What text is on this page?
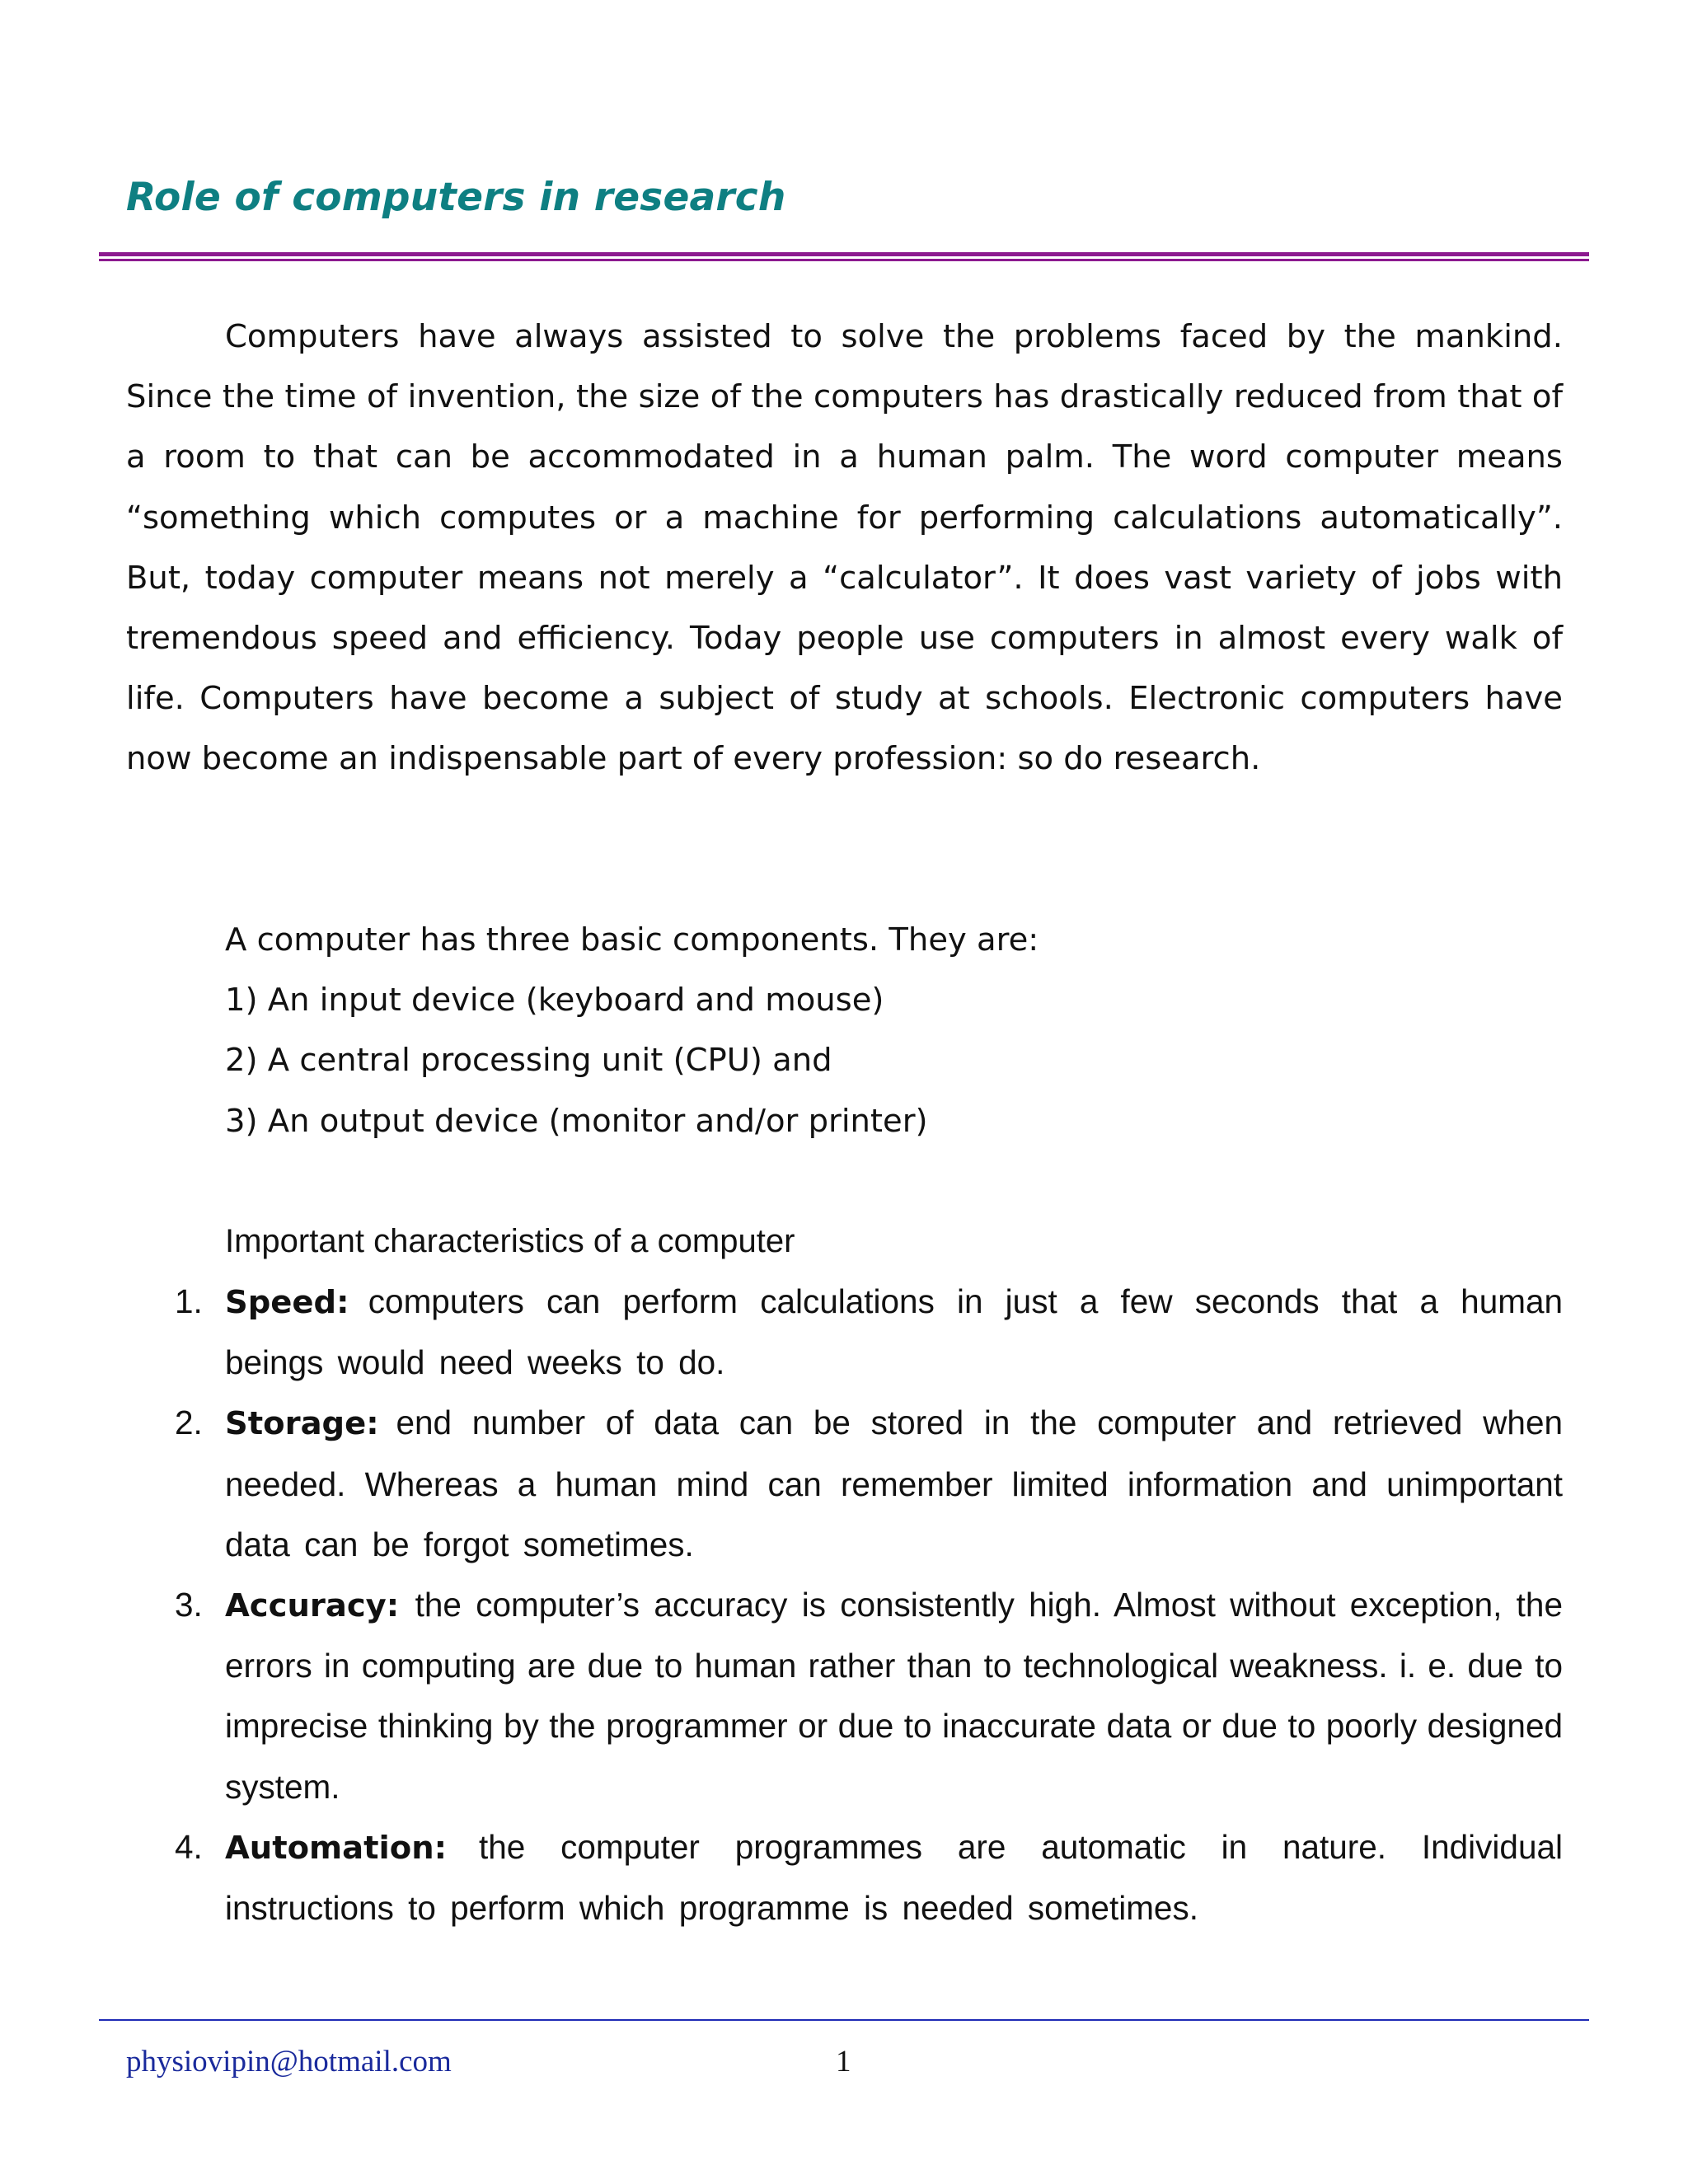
Role of computers in research
Computers have always assisted to solve the problems faced by the mankind. Since the time of invention, the size of the computers has drastically reduced from that of a room to that can be accommodated in a human palm. The word computer means “something which computes or a machine for performing calculations automatically”. But, today computer means not merely a “calculator”. It does vast variety of jobs with tremendous speed and efficiency. Today people use computers in almost every walk of life. Computers have become a subject of study at schools. Electronic computers have now become an indispensable part of every profession: so do research.
A computer has three basic components. They are:
1) An input device (keyboard and mouse)
2) A central processing unit (CPU) and
3) An output device (monitor and/or printer)
Important characteristics of a computer
1. Speed: computers can perform calculations in just a few seconds that a human beings would need weeks to do.
2. Storage: end number of data can be stored in the computer and retrieved when needed. Whereas a human mind can remember limited information and unimportant data can be forgot sometimes.
3. Accuracy: the computer’s accuracy is consistently high. Almost without exception, the errors in computing are due to human rather than to technological weakness. i. e. due to imprecise thinking by the programmer or due to inaccurate data or due to poorly designed system.
4. Automation: the computer programmes are automatic in nature. Individual instructions to perform which programme is needed sometimes.
physiovipin@hotmail.com	1
